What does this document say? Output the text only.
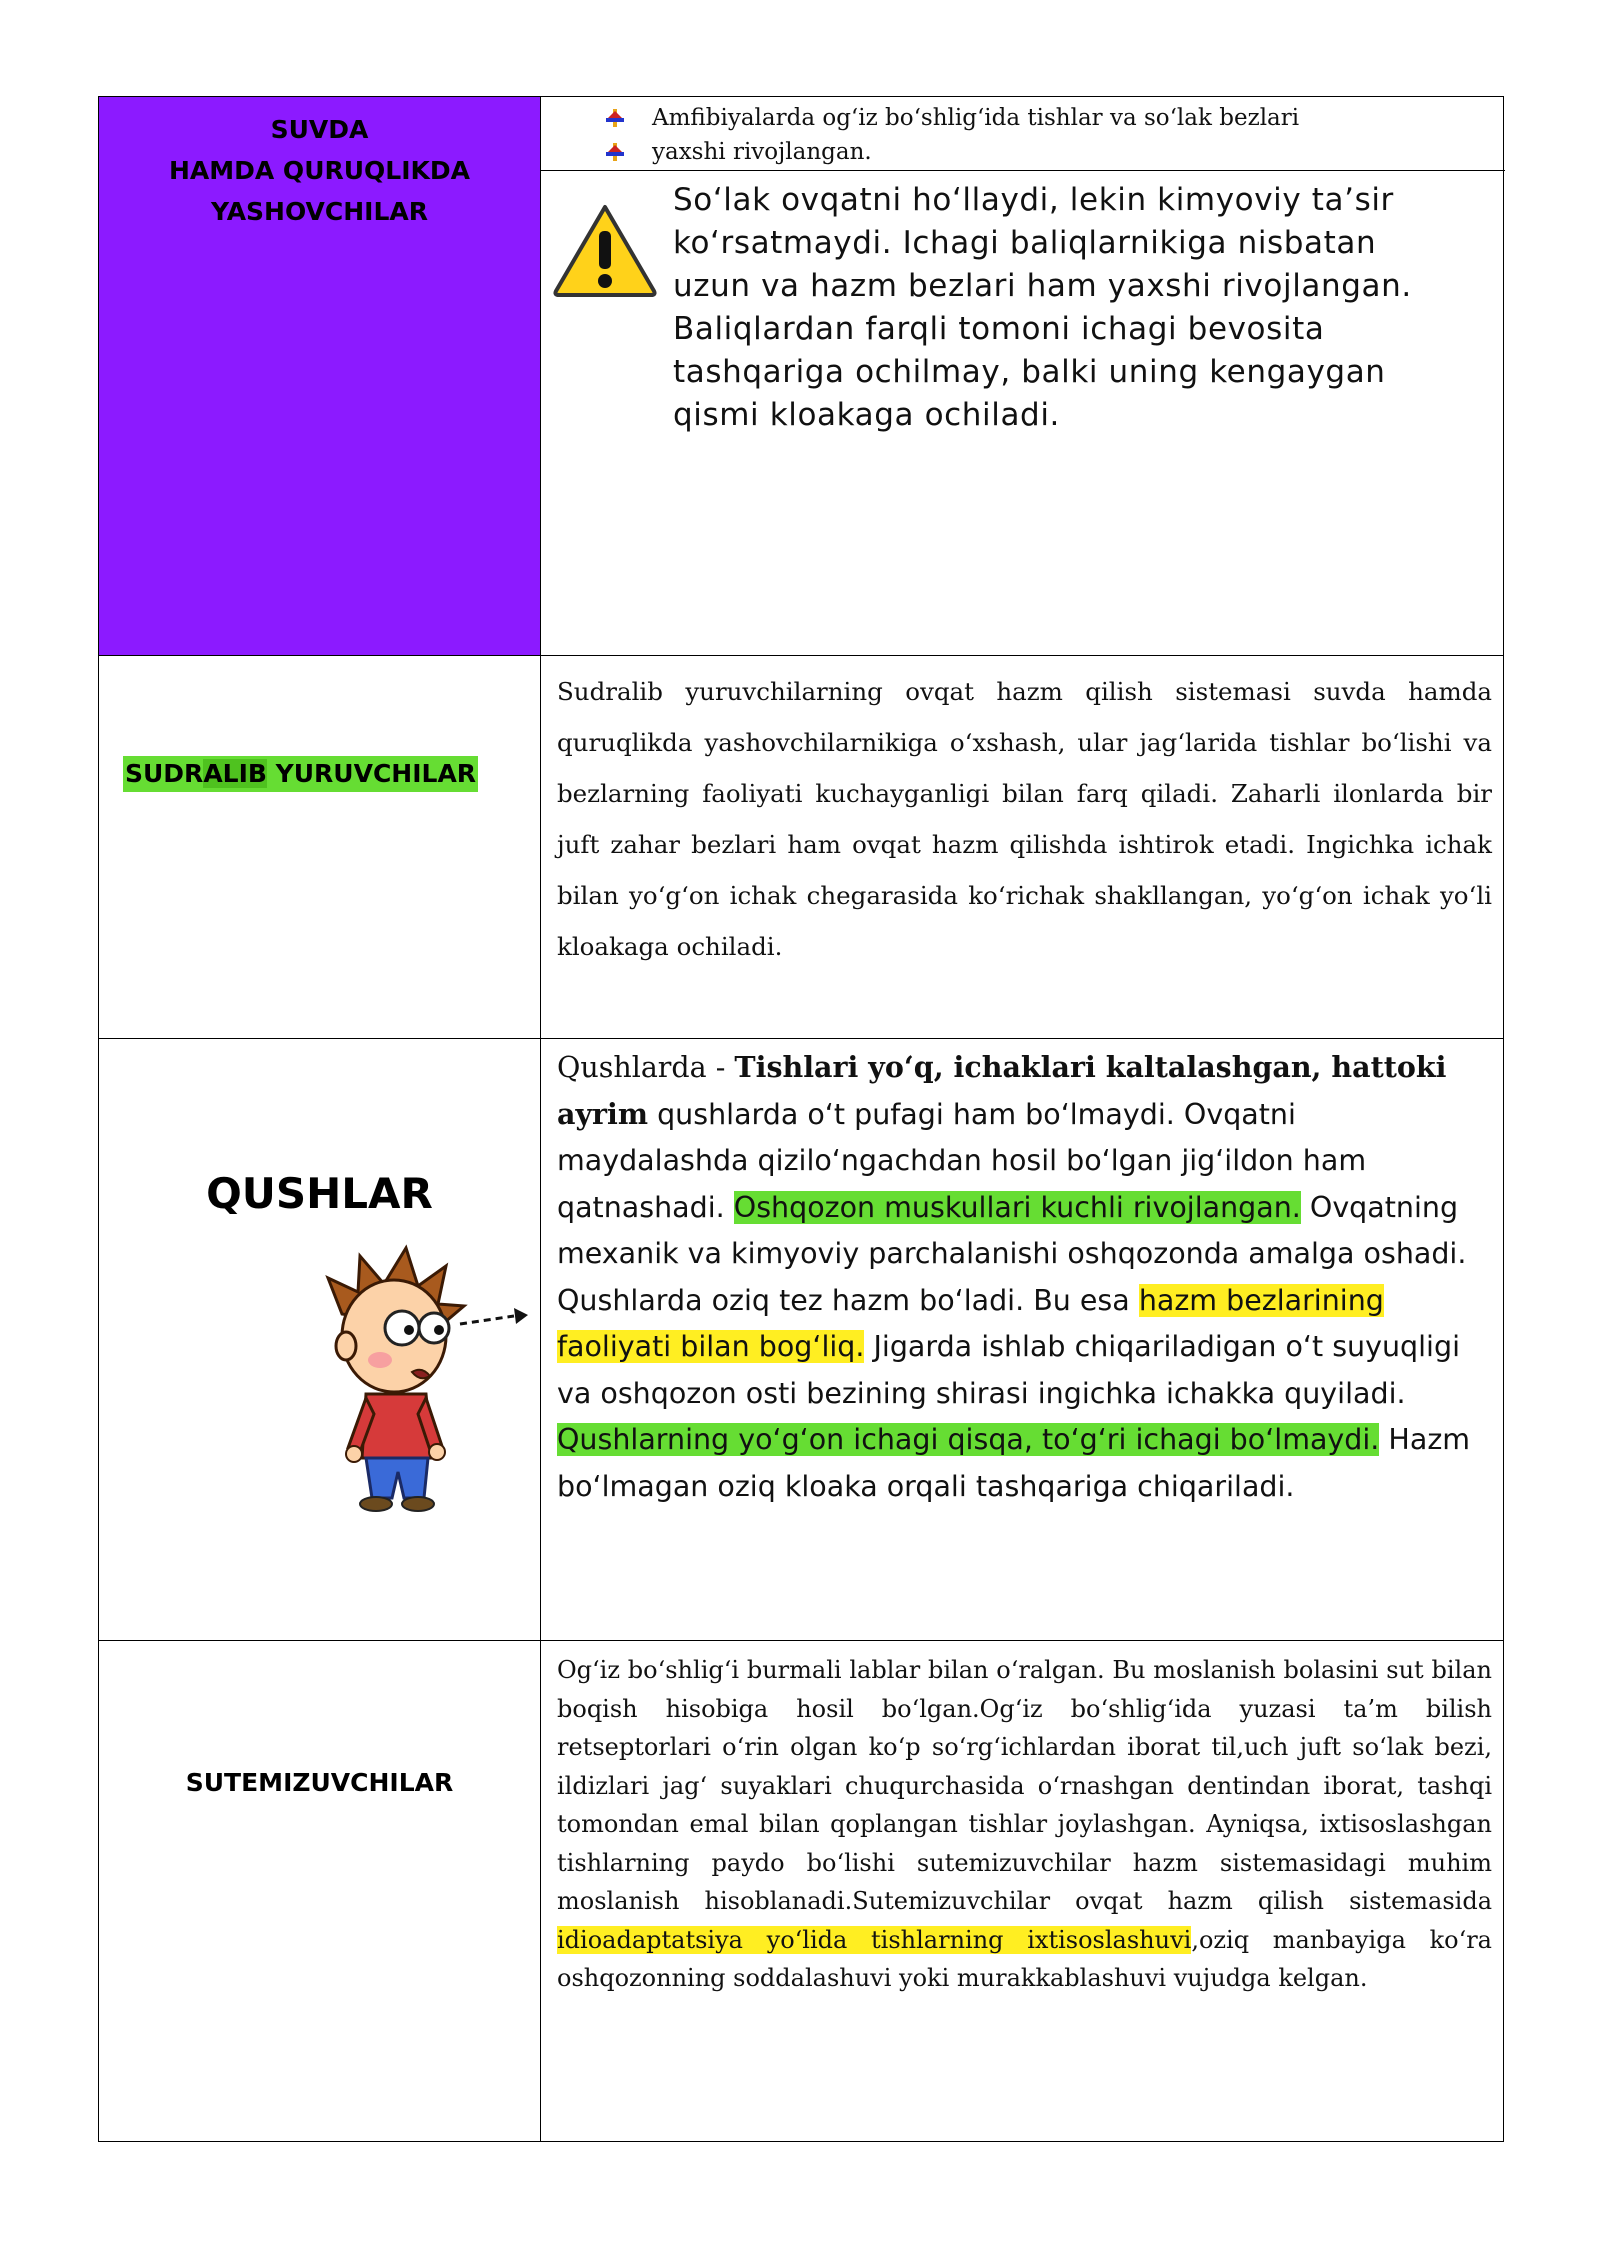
SUVDA
HAMDA QURUQLIKDA
YASHOVCHILAR
Amfibiyalarda og‘iz bo‘shlig‘ida tishlar va so‘lak bezlari
yaxshi rivojlangan.

So‘lak ovqatni ho‘llaydi, lekin kimyoviy ta’sir ko‘rsatmaydi. Ichagi baliqlarnikiga nisbatan uzun va hazm bezlari ham yaxshi rivojlangan. Baliqlardan farqli tomoni ichagi bevosita tashqariga ochilmay, balki uning kengaygan qismi kloakaga ochiladi.

SUDRALIB YURUVCHILAR

Sudralib yuruvchilarning ovqat hazm qilish sistemasi suvda hamda quruqlikda yashovchilarnikiga o‘xshash, ular jag‘larida tishlar bo‘lishi va bezlarning faoliyati kuchayganligi bilan farq qiladi. Zaharli ilonlarda bir juft zahar bezlari ham ovqat hazm qilishda ishtirok etadi. Ingichka ichak bilan yo‘g‘on ichak chegarasida ko‘richak shakllangan, yo‘g‘on ichak yo‘li kloakaga ochiladi.

QUSHLAR

Qushlarda - Tishlari yo‘q, ichaklari kaltalashgan, hattoki ayrim qushlarda o‘t pufagi ham bo‘lmaydi. Ovqatni maydalashda qizilo‘ngachdan hosil bo‘lgan jig‘ildon ham qatnashadi. Oshqozon muskullari kuchli rivojlangan. Ovqatning mexanik va kimyoviy parchalanishi oshqozonda amalga oshadi. Qushlarda oziq tez hazm bo‘ladi. Bu esa hazm bezlarining faoliyati bilan bog‘liq. Jigarda ishlab chiqariladigan o‘t suyuqligi va oshqozon osti bezining shirasi ingichka ichakka quyiladi. Qushlarning yo‘g‘on ichagi qisqa, to‘g‘ri ichagi bo‘lmaydi. Hazm bo‘lmagan oziq kloaka orqali tashqariga chiqariladi.

SUTEMIZUVCHILAR

Og‘iz bo‘shlig‘i burmali lablar bilan o‘ralgan. Bu moslanish bolasini sut bilan boqish hisobiga hosil bo‘lgan.Og‘iz bo‘shlig‘ida yuzasi ta’m bilish retseptorlari o‘rin olgan ko‘p so‘rg‘ichlardan iborat til,uch juft so‘lak bezi, ildizlari jag‘ suyaklari chuqurchasida o‘rnashgan dentindan iborat, tashqi tomondan emal bilan qoplangan tishlar joylashgan. Ayniqsa, ixtisoslashgan tishlarning paydo bo‘lishi sutemizuvchilar hazm sistemasidagi muhim moslanish hisoblanadi.Sutemizuvchilar ovqat hazm qilish sistemasida idioadaptatsiya yo‘lida tishlarning ixtisoslashuvi,oziq manbayiga ko‘ra oshqozonning soddalashuvi yoki murakkablashuvi vujudga kelgan.
